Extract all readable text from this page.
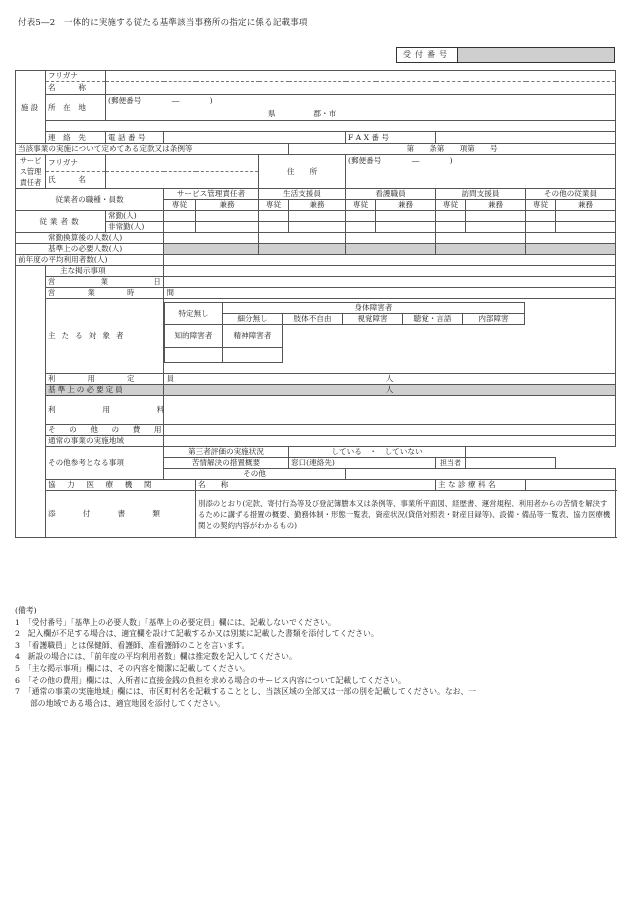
付表5―2　一体的に実施する従たる基準該当事務所の指定に係る記載事項
受付番号
施設	フリガナ	
名　　　称	
所　在　地	(郵便番号　　　　―　　　　)
	県　　　　　	郡・市	

連　絡　先	電 話 番 号		F A X 番 号	
当該事業の実施について定めてある定款又は条例等	第　　条第　　項第　　号
サービス管理責任者	フリガナ		住　　所	(郵便番号　　　　―　　　　)
氏　　　名	
従業者の職種・員数	サービス管理責任者	生活支援員	看護職員	訪問支援員	その他の従業員
専従	兼務	専従	兼務	専従	兼務	専従	兼務	専従	兼務
従業者数	常勤(人)										
非常勤(人)										
常勤換算後の人数(人)					
基準上の必要人数(人)					
前年度の平均利用者数(人)	
	主な掲示事項	
営　　　業　　　日	
営　　業　　時　　間	
主たる対象者	
特定無し	身体障害者
細分無し	肢体不自由	視覚障害	聴覚・言語	内部障害
知的障害者	精神障害者	

利　　用　　定　　員	人
基準上の必要定員	人
利　　　用　　　料	
そ　の　他　の　費　用	
通常の事業の実施地域	
その他参考となる事項	第三者評価の実施状況	している　・　していない	
苦情解決の措置概要	窓口(連絡先)	担当者		
その他	
協　力　医　療　機　関	名　　称	主 な 診 療 科 名	
添　　付　　書　　類	別添のとおり(定款、寄付行為等及び登記簿謄本又は条例等、事業所平面図、経歴書、運営規程、利用者からの苦情を解決するために講ずる措置の概要、勤務体制・形態一覧表、資産状況(貸借対照表・財産目録等)、設備・備品等一覧表、協力医療機関との契約内容がわかるもの)
(備考)
1　「受付番号」「基準上の必要人数」「基準上の必要定員」欄には、記載しないでください。
2　記入欄が不足する場合は、適宜欄を設けて記載するか又は別葉に記載した書類を添付してください。
3　「看護職員」とは保健師、看護師、准看護師のことを言います。
4　新設の場合には、「前年度の平均利用者数」欄は推定数を記入してください。
5　「主な掲示事項」欄には、その内容を簡潔に記載してください。
6　「その他の費用」欄には、入所者に直接金銭の負担を求める場合のサービス内容について記載してください。
7　「通常の事業の実施地域」欄には、市区町村名を記載することとし、当該区域の全部又は一部の別を記載してください。なお、一
部の地域である場合は、適宜地図を添付してください。
